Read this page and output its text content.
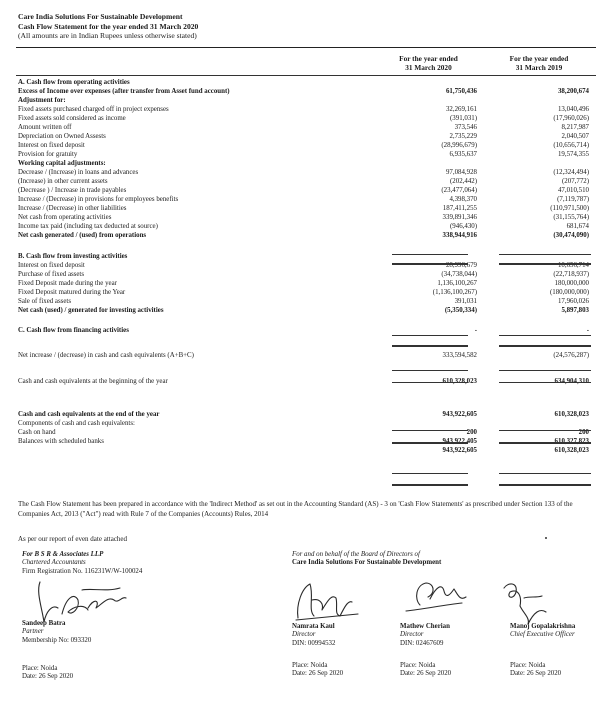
Care India Solutions For Sustainable Development
Cash Flow Statement for the year ended 31 March 2020
(All amounts are in Indian Rupees unless otherwise stated)
For the year ended
31 March 2020
For the year ended
31 March 2019
A. Cash flow from operating activities
Excess of Income over expenses (after transfer from Asset fund account)	61,750,436	38,200,674
Adjustment for:
Fixed assets purchased charged off in project expenses	32,269,161	13,040,496
Fixed assets sold considered as income	(391,031)	(17,960,026)
Amount written off	373,546	8,217,987
Depreciation on Owned Assests	2,735,229	2,040,507
Interest on fixed deposit	(28,996,679)	(10,656,714)
Provision for gratuity	6,935,637	19,574,355
Working capital adjustments:
Decrease / (Increase) in loans and advances	97,084,928	(12,324,494)
(Increase) in other current assets	(202,442)	(207,772)
(Decrease ) / Increase in trade payables	(23,477,064)	47,010,510
Increase / (Decrease) in provisions for employees benefits	4,398,370	(7,119,787)
Increase / (Decrease) in other liabilities	187,411,255	(110,971,500)
Net cash from operating activities	339,891,346	(31,155,764)
Income tax paid (including tax deducted at source)	(946,430)	681,674
Net cash generated / (used) from operations	338,944,916	(30,474,090)
B. Cash flow from investing activities
Interest on fixed deposit	28,996,679	10,656,714
Purchase of fixed assets	(34,738,044)	(22,718,937)
Fixed Deposit made during the year	1,136,100,267	180,000,000
Fixed Deposit matured during the Year	(1,136,100,267)	(180,000,000)
Sale of fixed assets	391,031	17,960,026
Net cash (used) / generated for investing activities	(5,350,334)	5,897,803
C. Cash flow from financing activities	-	-
Net increase / (decrease) in cash and cash equivalents (A+B+C)	333,594,582	(24,576,287)
Cash and cash equivalents at the beginning of the year	610,328,023	634,904,310
Cash and cash equivalents at the end of the year	943,922,605	610,328,023
Components of cash and cash equivalents:
Cash on hand	200	200
Balances with scheduled banks	943,922,405	610,327,823
943,922,605	610,328,023
The Cash Flow Statement has been prepared in accordance with the 'Indirect Method' as set out in the Accounting Standard (AS) - 3 on 'Cash Flow Statements' as prescribed under Section 133 of the Companies Act, 2013 ("Act") read with Rule 7 of the Companies (Accounts) Rules, 2014
As per our report of even date attached
For B S R & Associates LLP
Chartered Accountants
Firm Registration No. 116231W/W-100024
Sandeep Batra
Partner
Membership No: 093320
Place: Noida
Date: 26 Sep 2020
For and on behalf of the Board of Directors of
Care India Solutions For Sustainable Development
Namrata Kaul
Director
DIN: 00994532
Place: Noida
Date: 26 Sep 2020
Mathew Cherian
Director
DIN: 02467609
Place: Noida
Date: 26 Sep 2020
Manoj Gopalakrishna
Chief Executive Officer
Place: Noida
Date: 26 Sep 2020
